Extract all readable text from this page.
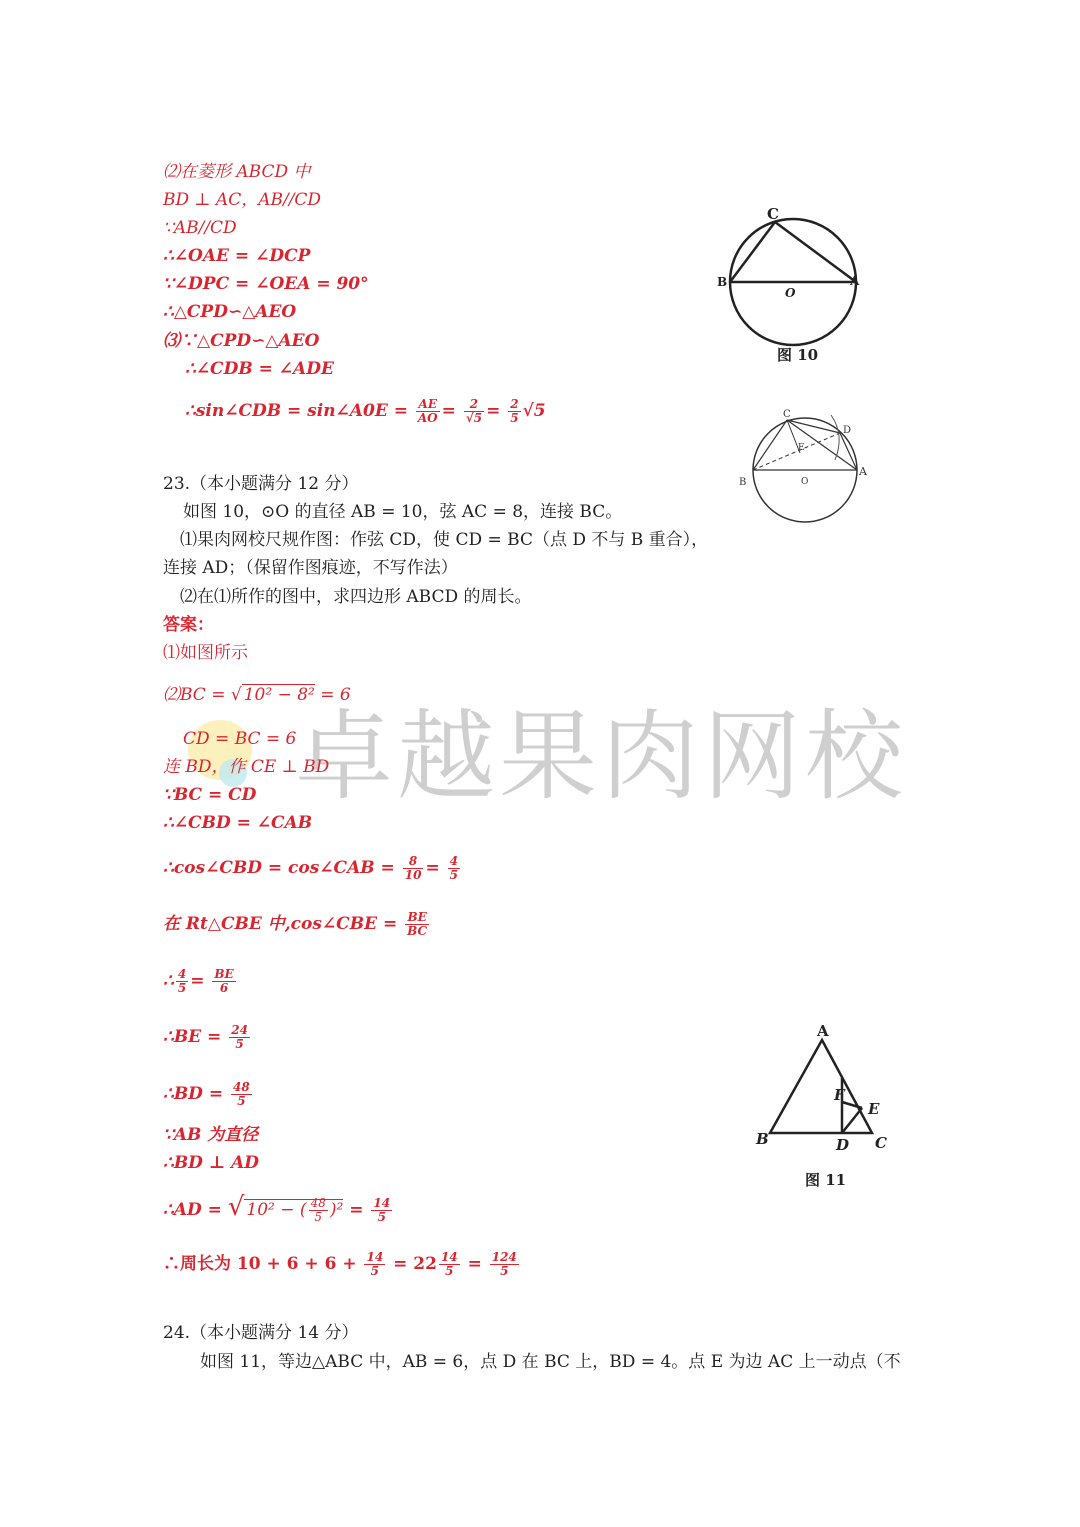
卓越果肉网校
⑵在菱形 ABCD 中
BD ⊥ AC，AB//CD
∵AB//CD
∴∠OAE = ∠DCP
∵∠DPC = ∠OEA = 90°
∴△CPD∽△AEO
⑶∵△CPD∽△AEO
∴∠CDB = ∠ADE
∴sin∠CDB = sin∠A0E = $\frac{AE}{AO} = \frac{2}{√5} = \frac{2}{5} √5$
23.（本小题满分 12 分）
如图 10，⊙O 的直径 AB = 10，弦 AC = 8，连接 BC。
⑴果肉网校尺规作图：作弦 CD，使 CD = BC（点 D 不与 B 重合），
连接 AD；（保留作图痕迹，不写作法）
⑵在⑴所作的图中，求四边形 ABCD 的周长。
答案：
⑴如图所示
⑵BC = √ 10² − 8² = 6
CD = BC = 6
连 BD，作 CE ⊥ BD
∵BC = CD
∴∠CBD = ∠CAB
∴cos∠CBD = cos∠CAB = $\frac{8}{10} = \frac{4}{5}$
在 Rt△CBE 中,cos∠CBE = $\frac{BE}{BC}$
∴ $\frac{4}{5} = \frac{BE}{6}$
∴BE = $\frac{24}{5}$
∴BD = $\frac{48}{5}$
∵AB 为直径
∴BD ⊥ AD
∴AD = √ 10² − ( $\frac{48}{5} )^2 = \frac{14}{5}$
∴周长为 $10 + 6 + 6 + \frac{14}{5} = 22 \frac{14}{5} = \frac{124}{5}$
24.（本小题满分 14 分）
如图 11，等边△ABC 中，AB = 6，点 D 在 BC 上，BD = 4。点 E 为边 AC 上一动点（不
C
B	A
O
图 10
C
D
E
B
A
O
A
F
E
B	D C
图 11
